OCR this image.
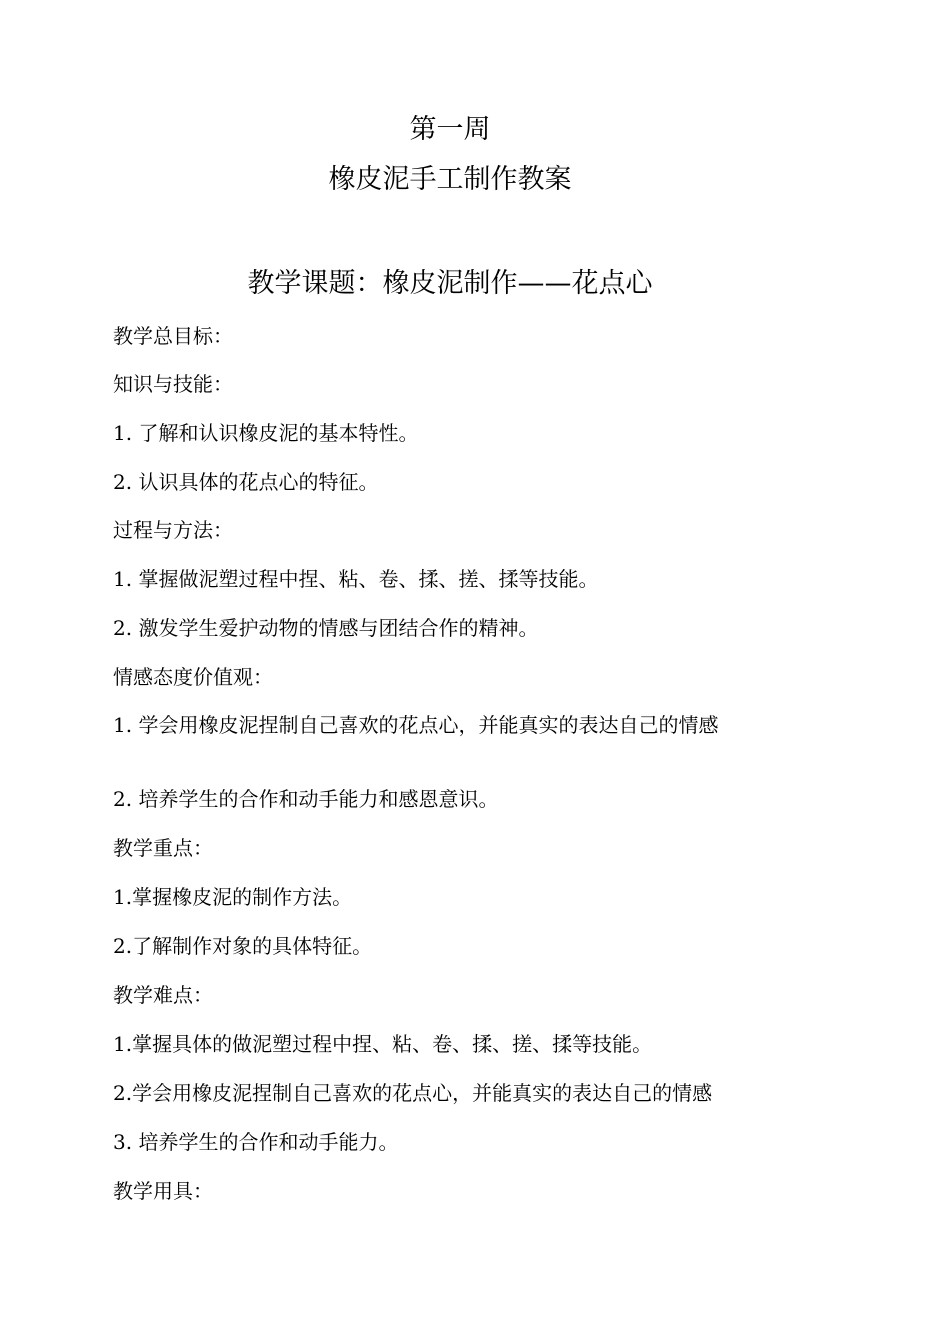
第一周
橡皮泥手工制作教案
教学课题：橡皮泥制作——花点心
教学总目标：
知识与技能：
1. 了解和认识橡皮泥的基本特性。
2. 认识具体的花点心的特征。
过程与方法：
1. 掌握做泥塑过程中捏、粘、卷、揉、搓、揉等技能。
2. 激发学生爱护动物的情感与团结合作的精神。
情感态度价值观：
1. 学会用橡皮泥捏制自己喜欢的花点心，并能真实的表达自己的情感
2. 培养学生的合作和动手能力和感恩意识。
教学重点：
1.掌握橡皮泥的制作方法。
2.了解制作对象的具体特征。
教学难点：
1.掌握具体的做泥塑过程中捏、粘、卷、揉、搓、揉等技能。
2.学会用橡皮泥捏制自己喜欢的花点心，并能真实的表达自己的情感
3. 培养学生的合作和动手能力。
教学用具：
